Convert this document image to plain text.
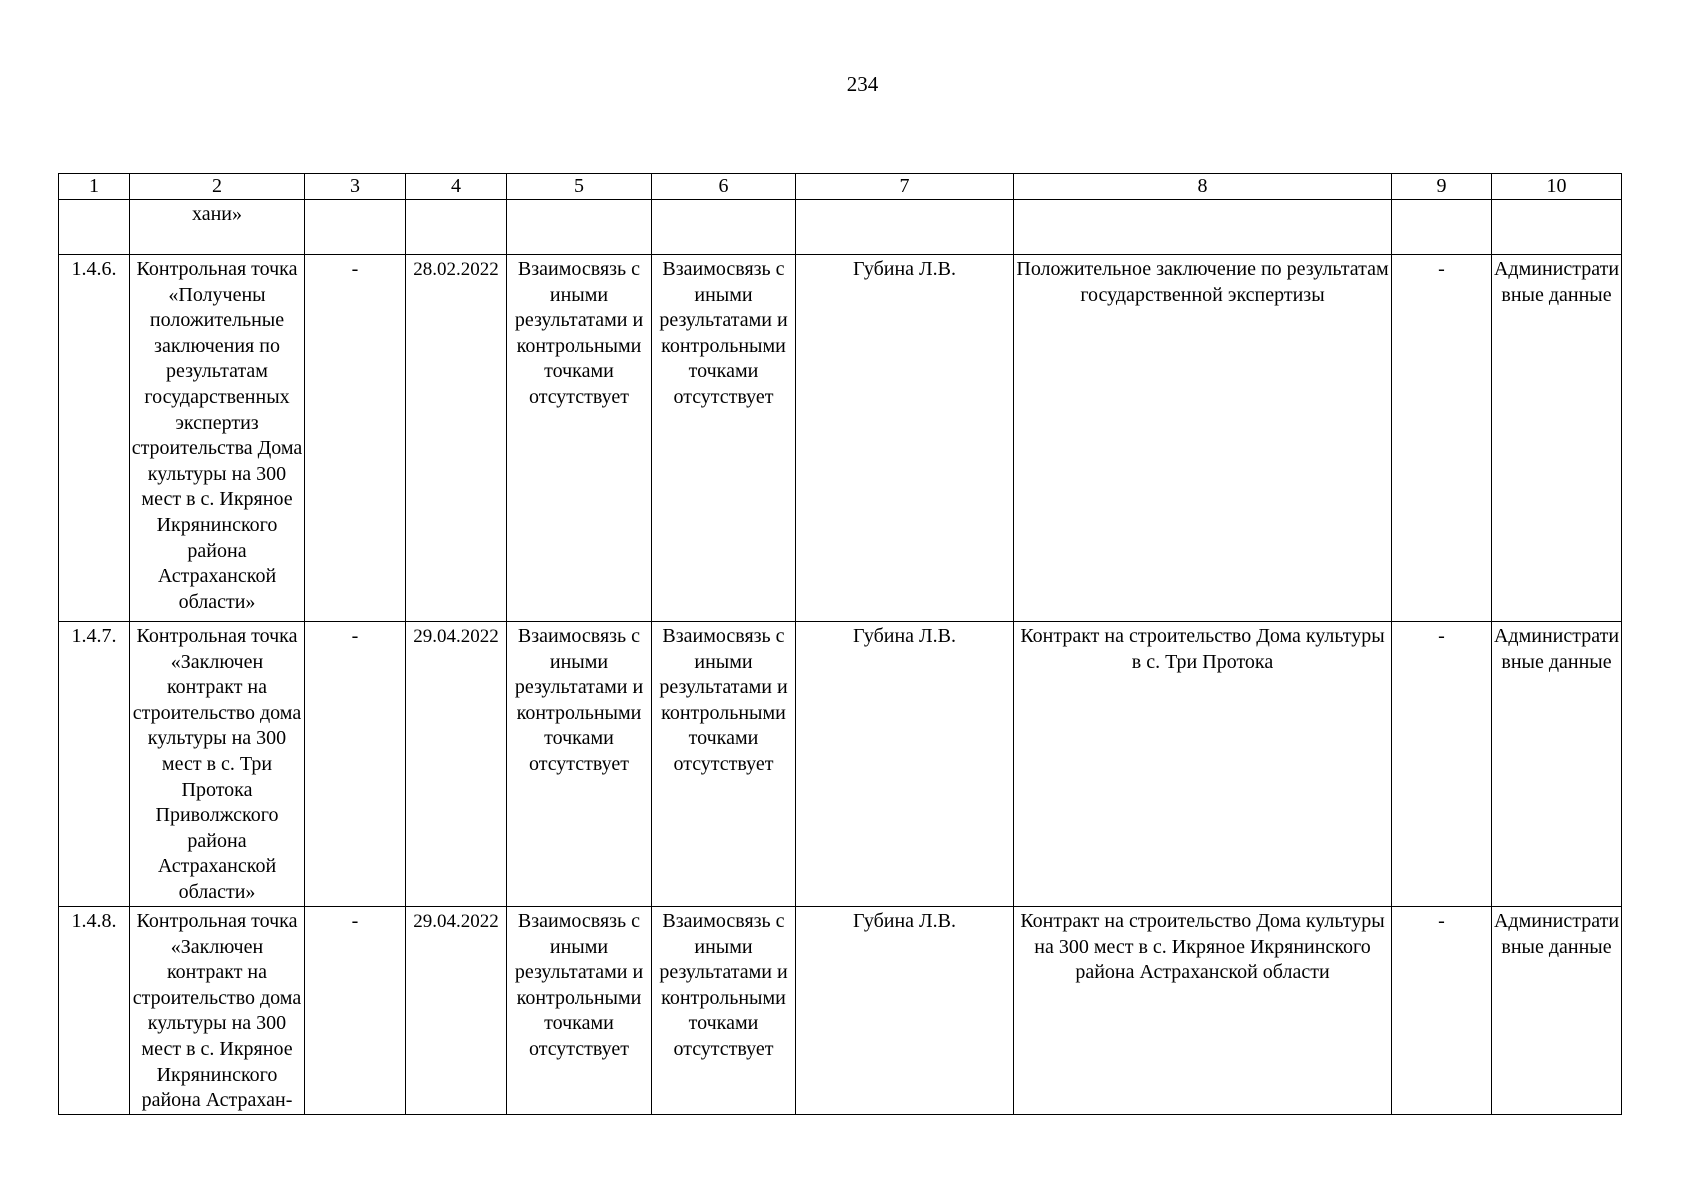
234
1	2	3	4	5	6	7	8	9	10

	хани»								

1.4.6.	Контрольная точка «Получены положительные заключения по результатам государственных экспертиз строительства Дома культуры на 300 мест в с. Икряное Икрянинского района Астраханской области»	-	28.02.2022	Взаимосвязь с иными результатами и контрольными точками отсутствует	Взаимосвязь с иными результатами и контрольными точками отсутствует	Губина Л.В.	Положительное заключение по результатам государственной экспертизы	-	Административные данные

1.4.7.	Контрольная точка «Заключен контракт на строительство дома культуры на 300 мест в с. Три Протока Приволжского района Астраханской области»	-	29.04.2022	Взаимосвязь с иными результатами и контрольными точками отсутствует	Взаимосвязь с иными результатами и контрольными точками отсутствует	Губина Л.В.	Контракт на строительство Дома культуры в с. Три Протока	-	Административные данные

1.4.8.	Контрольная точка «Заключен контракт на строительство дома культуры на 300 мест в с. Икряное Икрянинского района Астрахан-	-	29.04.2022	Взаимосвязь с иными результатами и контрольными точками отсутствует	Взаимосвязь с иными результатами и контрольными точками отсутствует	Губина Л.В.	Контракт на строительство Дома культуры на 300 мест в с. Икряное Икрянинского района Астраханской области	-	Административные данные
